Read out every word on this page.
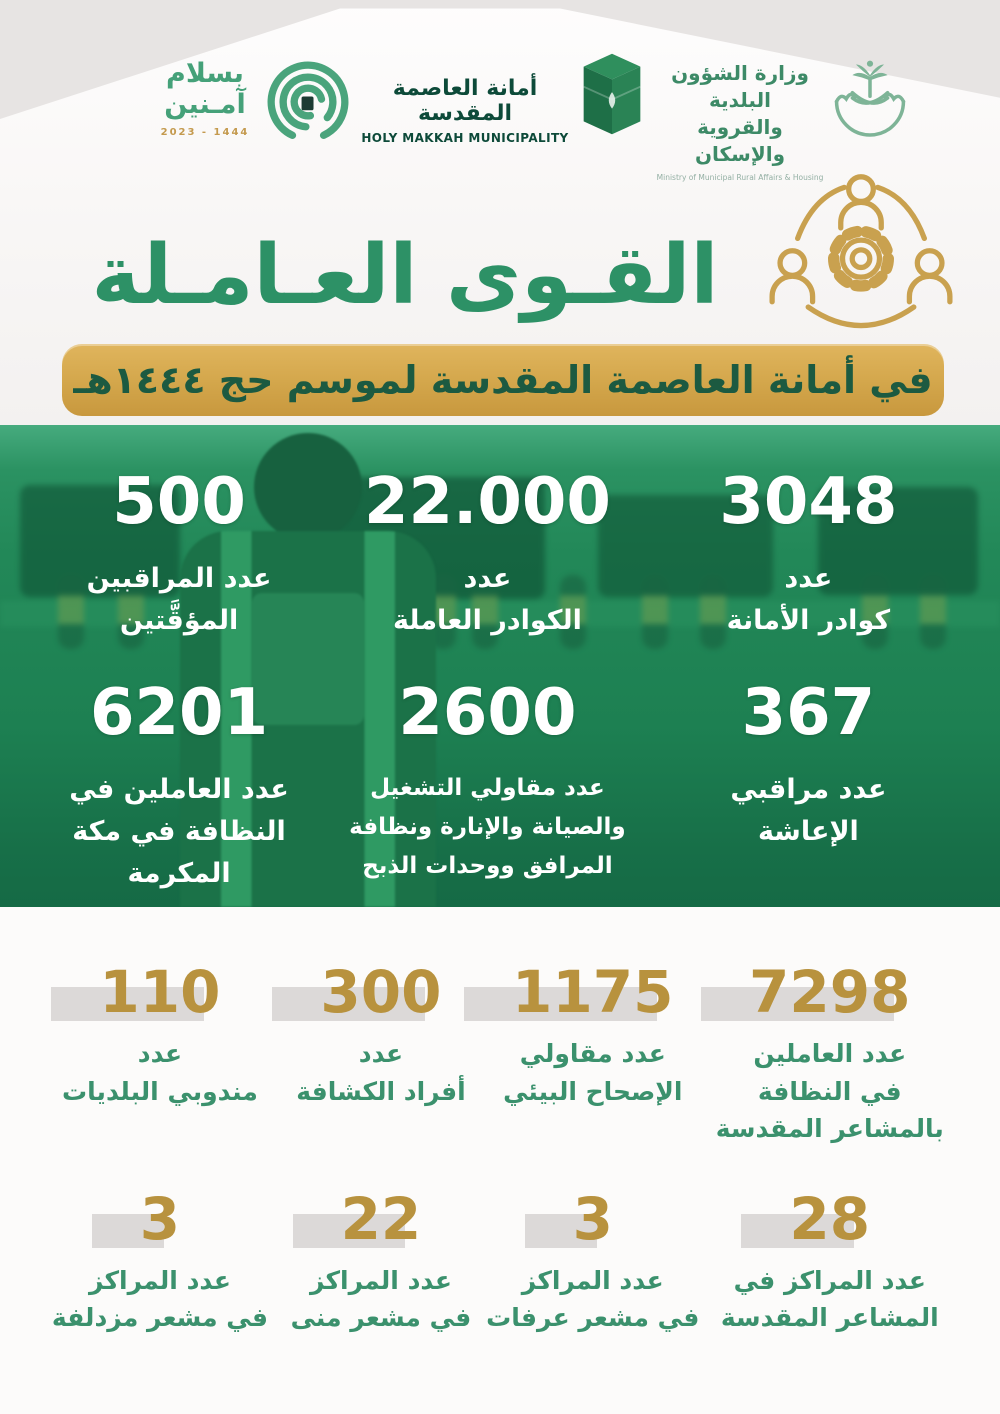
بسلام
آمـنين
2023 - 1444
أمانة العاصمة المقدسة
HOLY MAKKAH MUNICIPALITY
وزارة الشؤون البلدية
والقروية والإسكان
Ministry of Municipal Rural Affairs & Housing
القـوى العـامـلة
في أمانة العاصمة المقدسة لموسم حج ١٤٤٤هـ
3048
عدد
كوادر الأمانة
22.000
عدد
الكوادر العاملة
500
عدد المراقبين
المؤقَّتين
367
عدد مراقبي
الإعاشة
2600
عدد مقاولي التشغيل
والصيانة والإنارة ونظافة
المرافق ووحدات الذبح
6201
عدد العاملين في
النظافة في مكة المكرمة
7298
عدد العاملين
في النظافة
بالمشاعر المقدسة
1175
عدد مقاولي
الإصحاح البيئي
300
عدد
أفراد الكشافة
110
عدد
مندوبي البلديات
28
عدد المراكز في
المشاعر المقدسة
3
عدد المراكز
في مشعر عرفات
22
عدد المراكز
في مشعر منى
3
عدد المراكز
في مشعر مزدلفة
